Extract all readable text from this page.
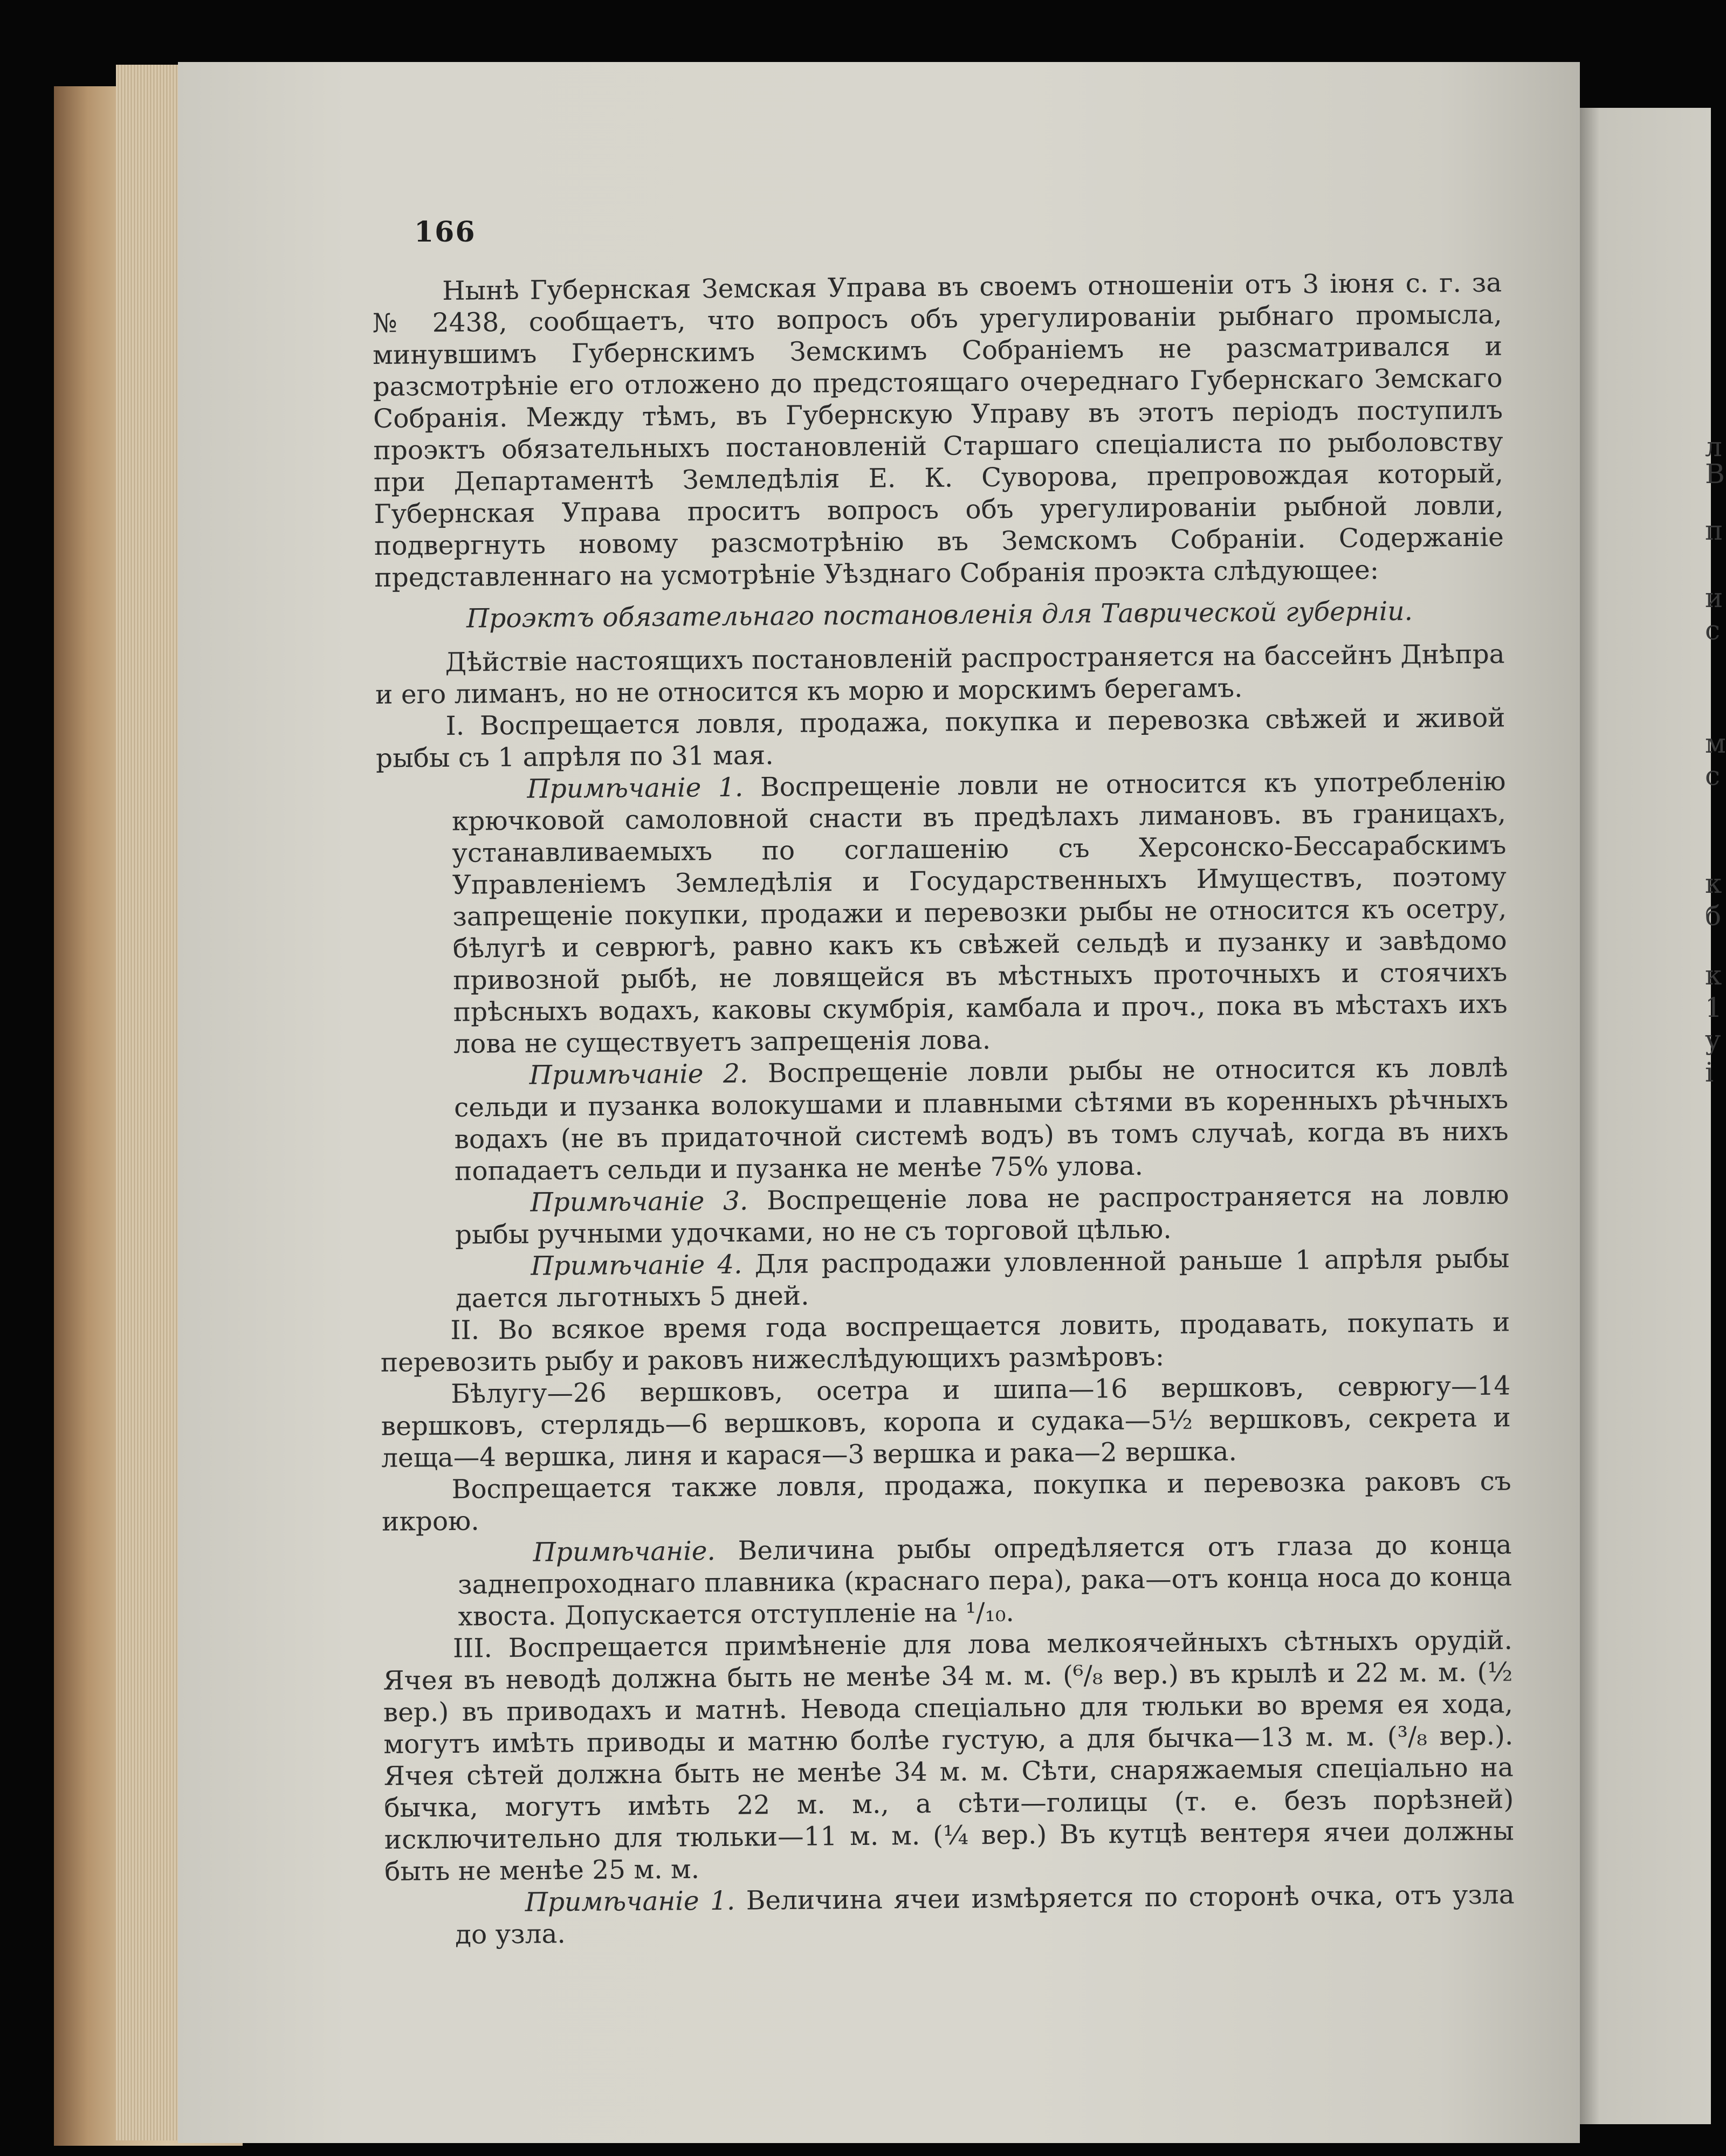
л
В
п
и
с
м
с
к
б
к
1
у
i
166

Нынѣ Губернская Земская Управа въ своемъ отношенiи отъ 3 iюня с. г. за № 2438, сообщаетъ, что вопросъ объ урегулированiи рыбнаго промысла, минувшимъ Губернскимъ Земскимъ Собранiемъ не разсматривался и разсмотрѣнiе его отложено до предстоящаго очереднаго Губернскаго Земскаго Собранiя. Между тѣмъ, въ Губернскую Управу въ этотъ перiодъ поступилъ проэктъ обязательныхъ постановленiй Старшаго спецiалиста по рыболовству при Департаментѣ Земледѣлiя Е. К. Суворова, препровождая который, Губернская Управа проситъ вопросъ объ урегулированiи рыбной ловли, подвергнуть новому разсмотрѣнiю въ Земскомъ Собранiи. Содержанiе представленнаго на усмотрѣнiе Уѣзднаго Собранiя проэкта слѣдующее:

Проэктъ обязательнаго постановленiя для Таврической губернiи.

Дѣйствiе настоящихъ постановленiй распространяется на бассейнъ Днѣпра и его лиманъ, но не относится къ морю и морскимъ берегамъ.

I. Воспрещается ловля, продажа, покупка и перевозка свѣжей и живой рыбы съ 1 апрѣля по 31 мая.

Примѣчанiе 1. Воспрещенiе ловли не относится къ употребленiю крючковой самоловной снасти въ предѣлахъ лимановъ. въ границахъ, устанавливаемыхъ по соглашенiю съ Херсонско-Бессарабскимъ Управленiемъ Земледѣлiя и Государственныхъ Имуществъ, поэтому запрещенiе покупки, продажи и перевозки рыбы не относится къ осетру, бѣлугѣ и севрюгѣ, равно какъ къ свѣжей сельдѣ и пузанку и завѣдомо привозной рыбѣ, не ловящейся въ мѣстныхъ проточныхъ и стоячихъ прѣсныхъ водахъ, каковы скумбрiя, камбала и проч., пока въ мѣстахъ ихъ лова не существуетъ запрещенiя лова.

Примѣчанiе 2. Воспрещенiе ловли рыбы не относится къ ловлѣ сельди и пузанка волокушами и плавными сѣтями въ коренныхъ рѣчныхъ водахъ (не въ придаточной системѣ водъ) въ томъ случаѣ, когда въ нихъ попадаетъ сельди и пузанка не менѣе 75% улова.

Примѣчанiе 3. Воспрещенiе лова не распространяется на ловлю рыбы ручными удочками, но не съ торговой цѣлью.

Примѣчанiе 4. Для распродажи уловленной раньше 1 апрѣля рыбы дается льготныхъ 5 дней.

II. Во всякое время года воспрещается ловить, продавать, покупать и перевозить рыбу и раковъ нижеслѣдующихъ размѣровъ:

Бѣлугу—26 вершковъ, осетра и шипа—16 вершковъ, севрюгу—14 вершковъ, стерлядь—6 вершковъ, коропа и судака—5½ вершковъ, секрета и леща—4 вершка, линя и карася—3 вершка и рака—2 вершка.

Воспрещается также ловля, продажа, покупка и перевозка раковъ съ икрою.

Примѣчанiе. Величина рыбы опредѣляется отъ глаза до конца заднепроходнаго плавника (краснаго пера), рака—отъ конца носа до конца хвоста. Допускается отступленiе на ¹/₁₀.

III. Воспрещается примѣненiе для лова мелкоячейныхъ сѣтныхъ орудiй. Ячея въ неводѣ должна быть не менѣе 34 м. м. (⁶/₈ вер.) въ крылѣ и 22 м. м. (½ вер.) въ приводахъ и матнѣ. Невода спецiально для тюльки во время ея хода, могутъ имѣть приводы и матню болѣе густую, а для бычка—13 м. м. (³/₈ вер.). Ячея сѣтей должна быть не менѣе 34 м. м. Сѣти, снаряжаемыя спецiально на бычка, могутъ имѣть 22 м. м., а сѣти—голицы (т. е. безъ порѣзней) исключительно для тюльки—11 м. м. (¼ вер.) Въ кутцѣ вентеря ячеи должны быть не менѣе 25 м. м.

Примѣчанiе 1. Величина ячеи измѣряется по сторонѣ очка, отъ узла до узла.
